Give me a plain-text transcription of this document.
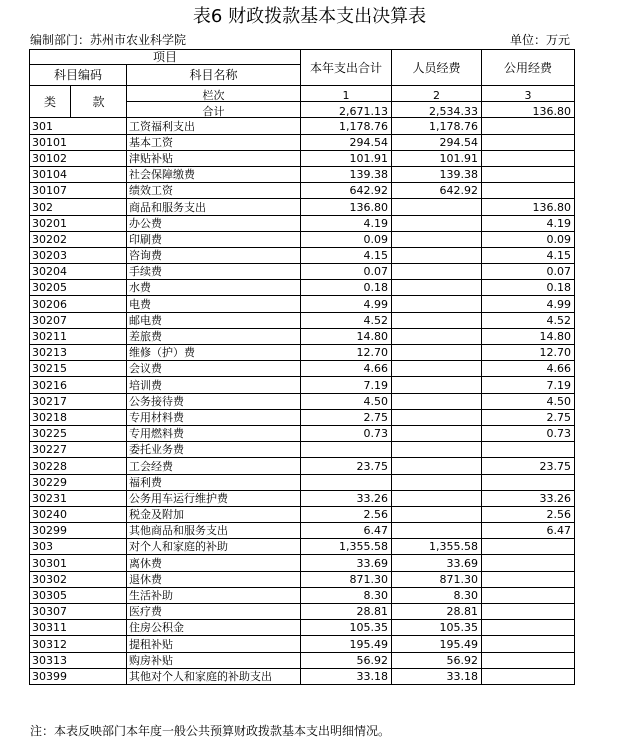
表6 财政拨款基本支出决算表
编制部门：苏州市农业科学院	单位：万元
项目			本年支出合计	人员经费	公用经费
科目编码		科目名称			
类	款				
		栏次	1	2	3
		合计	2,671.13	2,534.33	136.80
301		工资福利支出	1,178.76	1,178.76	
30101		基本工资	294.54	294.54	
30102		津贴补贴	101.91	101.91	
30104		社会保障缴费	139.38	139.38	
30107		绩效工资	642.92	642.92	
302		商品和服务支出	136.80		136.80
30201		办公费	4.19		4.19
30202		印刷费	0.09		0.09
30203		咨询费	4.15		4.15
30204		手续费	0.07		0.07
30205		水费	0.18		0.18
30206		电费	4.99		4.99
30207		邮电费	4.52		4.52
30211		差旅费	14.80		14.80
30213		维修（护）费	12.70		12.70
30215		会议费	4.66		4.66
30216		培训费	7.19		7.19
30217		公务接待费	4.50		4.50
30218		专用材料费	2.75		2.75
30225		专用燃料费	0.73		0.73
30227		委托业务费			
30228		工会经费	23.75		23.75
30229		福利费			
30231		公务用车运行维护费	33.26		33.26
30240		税金及附加	2.56		2.56
30299		其他商品和服务支出	6.47		6.47
303		对个人和家庭的补助	1,355.58	1,355.58	
30301		离休费	33.69	33.69	
30302		退休费	871.30	871.30	
30305		生活补助	8.30	8.30	
30307		医疗费	28.81	28.81	
30311		住房公积金	105.35	105.35	
30312		提租补贴	195.49	195.49	
30313		购房补贴	56.92	56.92	
30399		其他对个人和家庭的补助支出	33.18	33.18	
注：本表反映部门本年度一般公共预算财政拨款基本支出明细情况。
